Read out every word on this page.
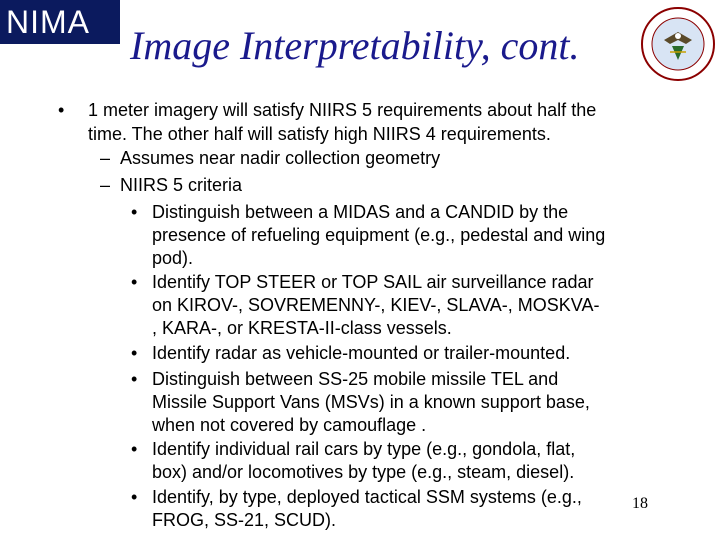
NIMA
Image Interpretability, cont.
• 1 meter imagery will satisfy NIIRS 5 requirements about half the
time. The other half will satisfy high NIIRS 4 requirements.
– Assumes near nadir collection geometry
– NIIRS 5 criteria
• Distinguish between a MIDAS and a CANDID by the
presence of refueling equipment (e.g., pedestal and wing
pod).
• Identify TOP STEER or TOP SAIL air surveillance radar
on KIROV-, SOVREMENNY-, KIEV-, SLAVA-, MOSKVA-
, KARA-, or KRESTA-II-class vessels.
• Identify radar as vehicle-mounted or trailer-mounted.
• Distinguish between SS-25 mobile missile TEL and
Missile Support Vans (MSVs) in a known support base,
when not covered by camouflage .
• Identify individual rail cars by type (e.g., gondola, flat,
box) and/or locomotives by type (e.g., steam, diesel).
• Identify, by type, deployed tactical SSM systems (e.g.,
FROG, SS-21, SCUD).
18
